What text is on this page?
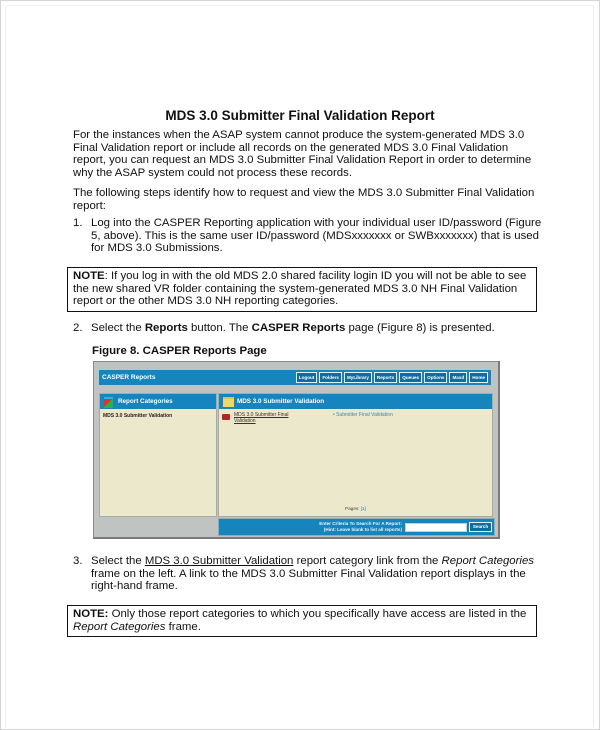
MDS 3.0 Submitter Final Validation Report
For the instances when the ASAP system cannot produce the system-generated MDS 3.0 Final Validation report or include all records on the generated MDS 3.0 Final Validation report, you can request an MDS 3.0 Submitter Final Validation Report in order to determine why the ASAP system could not process these records.
The following steps identify how to request and view the MDS 3.0 Submitter Final Validation report:
1. Log into the CASPER Reporting application with your individual user ID/password (Figure 5, above). This is the same user ID/password (MDSxxxxxxx or SWBxxxxxxx) that is used for MDS 3.0 Submissions.
NOTE: If you log in with the old MDS 2.0 shared facility login ID you will not be able to see the new shared VR folder containing the system-generated MDS 3.0 NH Final Validation report or the other MDS 3.0 NH reporting categories.
2. Select the Reports button. The CASPER Reports page (Figure 8) is presented.
Figure 8. CASPER Reports Page
CASPER Reports	Logout	Folders	MyLibrary	Reports	Queues	Options	Maxd	Home
Report Categories
MDS 3.0 Submitter Validation
MDS 3.0 Submitter Validation
MDS 3.0 Submitter Final Validation
• Submitter Final Validation
Pages: [1]
Enter Criteria To Search For A Report:
(Hint: Leave blank to list all reports)
Search
3. Select the MDS 3.0 Submitter Validation report category link from the Report Categories frame on the left. A link to the MDS 3.0 Submitter Final Validation report displays in the right-hand frame.
NOTE: Only those report categories to which you specifically have access are listed in the Report Categories frame.
